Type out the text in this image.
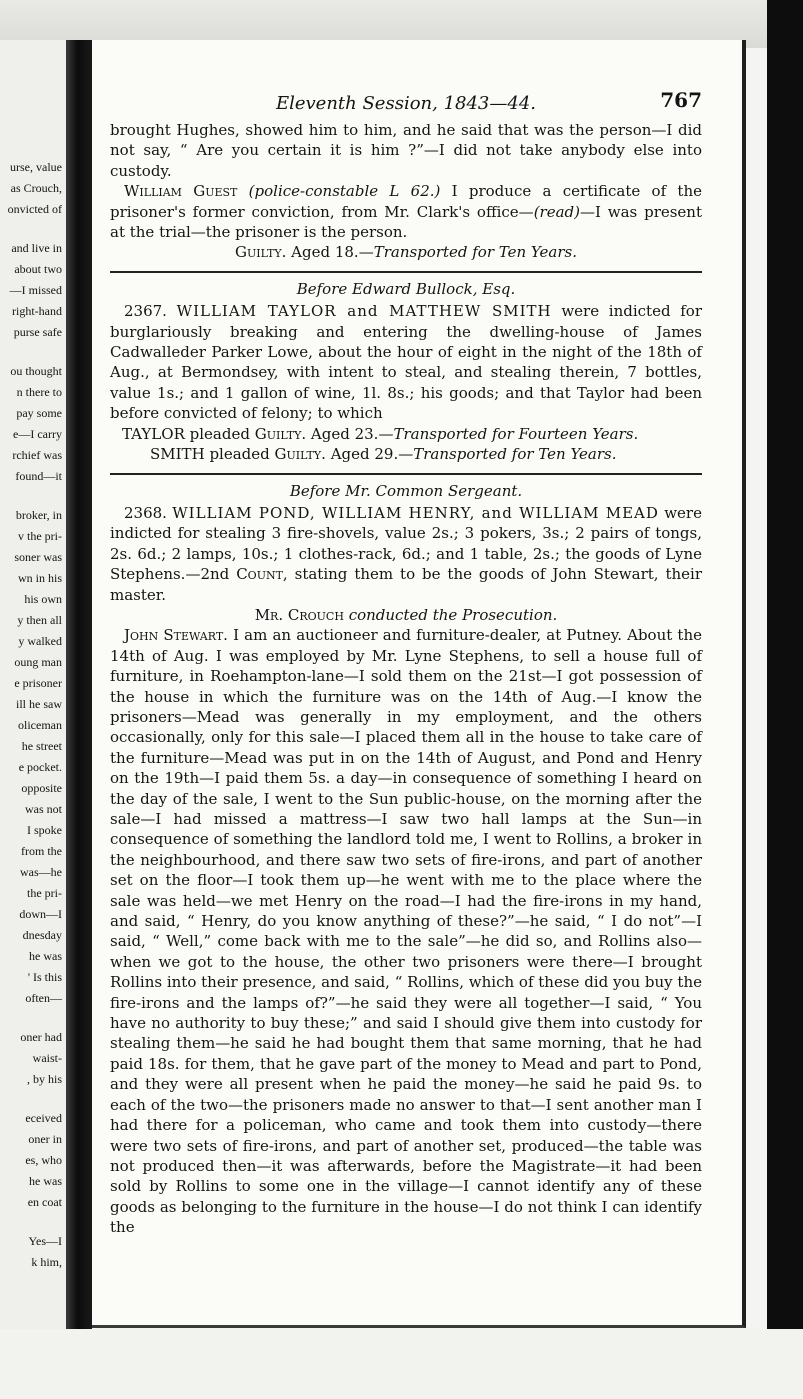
urse, value
as Crouch,
onvicted of
and live in
about two
—I missed
right-hand
purse safe
ou thought
n there to
pay some
e—I carry
rchief was
found—it
broker, in
v the pri-
soner was
wn in his
his own
y then all
y walked
oung man
e prisoner
ill he saw
oliceman
he street
e pocket.
opposite
was not
I spoke
from the
was—he
the pri-
down—I
dnesday
he was
' Is this
often—
oner had
waist-
, by his
eceived
oner in
es, who
he was
en coat
Yes—I
k him,
Eleventh Session, 1843—44.	767

brought Hughes, showed him to him, and he said that was the person—I did not say, “ Are you certain it is him ?”—I did not take anybody else into custody.

William Guest (police-constable L 62.) I produce a certificate of the prisoner's former conviction, from Mr. Clark's office—(read)—I was present at the trial—the prisoner is the person.

Guilty. Aged 18.—Transported for Ten Years.

Before Edward Bullock, Esq.

2367. WILLIAM TAYLOR and MATTHEW SMITH were indicted for burglariously breaking and entering the dwelling-house of James Cadwalleder Parker Lowe, about the hour of eight in the night of the 18th of Aug., at Bermondsey, with intent to steal, and stealing therein, 7 bottles, value 1s.; and 1 gallon of wine, 1l. 8s.; his goods; and that Taylor had been before convicted of felony; to which

TAYLOR pleaded Guilty. Aged 23.—Transported for Fourteen Years.

SMITH pleaded Guilty. Aged 29.—Transported for Ten Years.

Before Mr. Common Sergeant.

2368. WILLIAM POND, WILLIAM HENRY, and WILLIAM MEAD were indicted for stealing 3 fire-shovels, value 2s.; 3 pokers, 3s.; 2 pairs of tongs, 2s. 6d.; 2 lamps, 10s.; 1 clothes-rack, 6d.; and 1 table, 2s.; the goods of Lyne Stephens.—2nd Count, stating them to be the goods of John Stewart, their master.

Mr. Crouch conducted the Prosecution.

John Stewart. I am an auctioneer and furniture-dealer, at Putney. About the 14th of Aug. I was employed by Mr. Lyne Stephens, to sell a house full of furniture, in Roehampton-lane—I sold them on the 21st—I got possession of the house in which the furniture was on the 14th of Aug.—I know the prisoners—Mead was generally in my employment, and the others occasionally, only for this sale—I placed them all in the house to take care of the furniture—Mead was put in on the 14th of August, and Pond and Henry on the 19th—I paid them 5s. a day—in consequence of something I heard on the day of the sale, I went to the Sun public-house, on the morning after the sale—I had missed a mattress—I saw two hall lamps at the Sun—in consequence of something the landlord told me, I went to Rollins, a broker in the neighbourhood, and there saw two sets of fire-irons, and part of another set on the floor—I took them up—he went with me to the place where the sale was held—we met Henry on the road—I had the fire-irons in my hand, and said, “ Henry, do you know anything of these?”—he said, “ I do not”—I said, “ Well,” come back with me to the sale”—he did so, and Rollins also—when we got to the house, the other two prisoners were there—I brought Rollins into their presence, and said, “ Rollins, which of these did you buy the fire-irons and the lamps of?”—he said they were all together—I said, “ You have no authority to buy these;” and said I should give them into custody for stealing them—he said he had bought them that same morning, that he had paid 18s. for them, that he gave part of the money to Mead and part to Pond, and they were all present when he paid the money—he said he paid 9s. to each of the two—the prisoners made no answer to that—I sent another man I had there for a policeman, who came and took them into custody—there were two sets of fire-irons, and part of another set, produced—the table was not produced then—it was afterwards, before the Magistrate—it had been sold by Rollins to some one in the village—I cannot identify any of these goods as belonging to the furniture in the house—I do not think I can identify the
